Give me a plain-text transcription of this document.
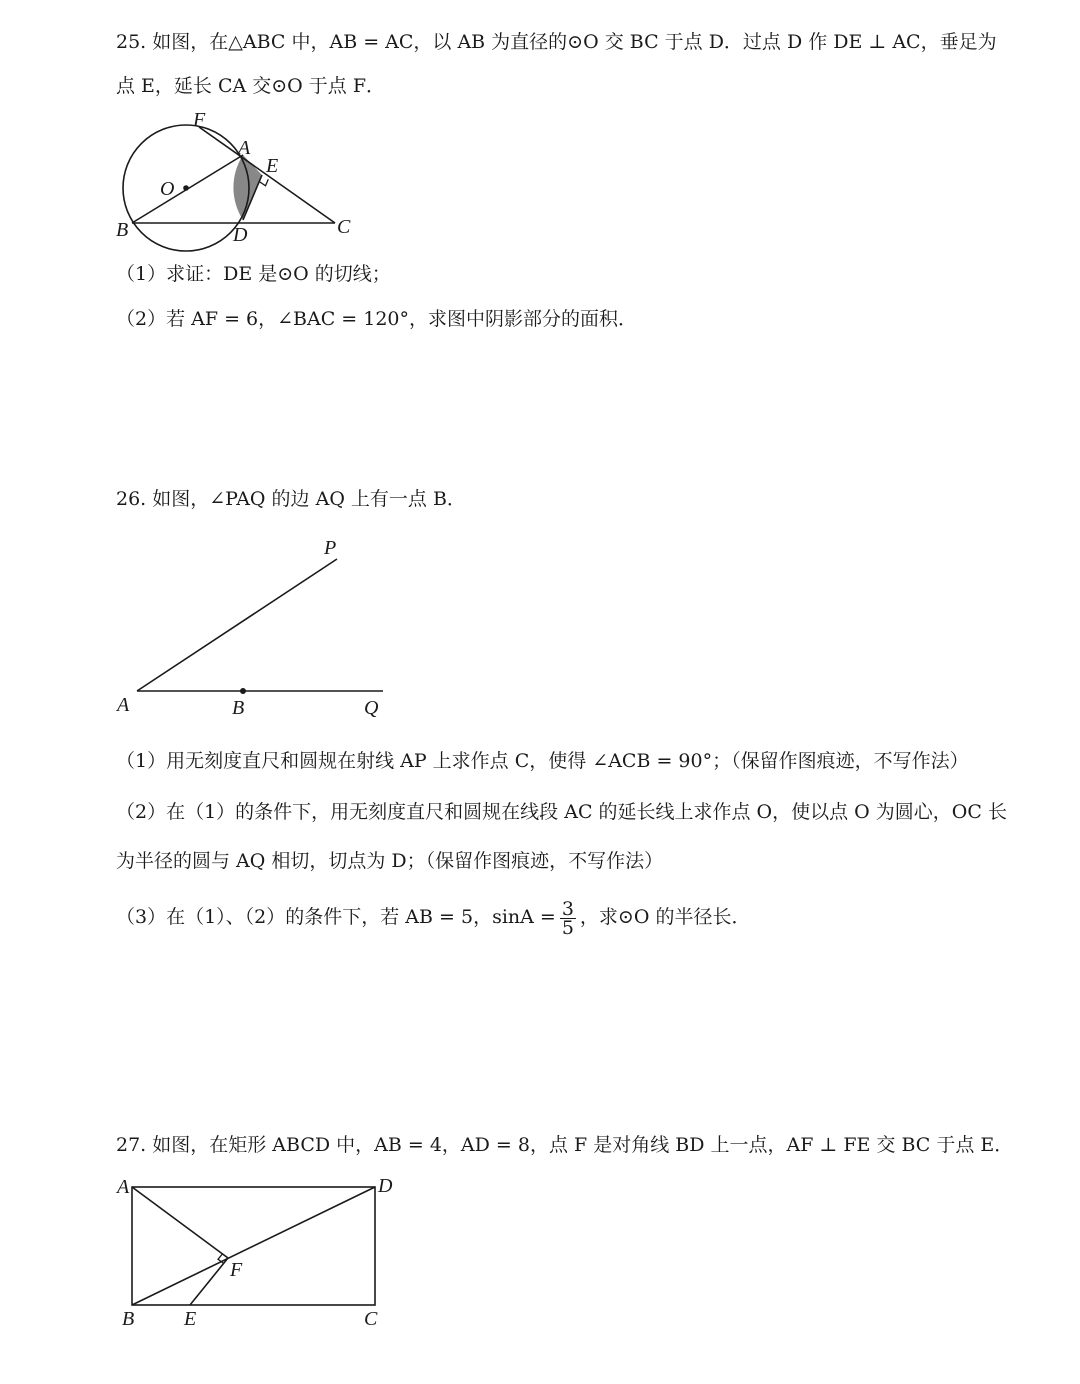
25. 如图，在△ABC 中，AB = AC，以 AB 为直径的⊙O 交 BC 于点 D．过点 D 作 DE ⊥ AC，垂足为
点 E，延长 CA 交⊙O 于点 F．
F
A
E
O
B	D	C
（1）求证：DE 是⊙O 的切线；
（2）若 AF = 6，∠BAC = 120°，求图中阴影部分的面积．
26. 如图，∠PAQ 的边 AQ 上有一点 B．
P
A	B	Q
（1）用无刻度直尺和圆规在射线 AP 上求作点 C，使得 ∠ACB = 90°；（保留作图痕迹，不写作法）
（2）在（1）的条件下，用无刻度直尺和圆规在线段 AC 的延长线上求作点 O，使以点 O 为圆心，OC 长
为半径的圆与 AQ 相切，切点为 D；（保留作图痕迹，不写作法）
（3）在（1）、（2）的条件下，若 AB = 5，$\sin A = \frac{3}{5}$ ，求⊙O 的半径长．
27. 如图，在矩形 ABCD 中，AB = 4，AD = 8，点 F 是对角线 BD 上一点，AF ⊥ FE 交 BC 于点 E．
A	D
F
B E	C
